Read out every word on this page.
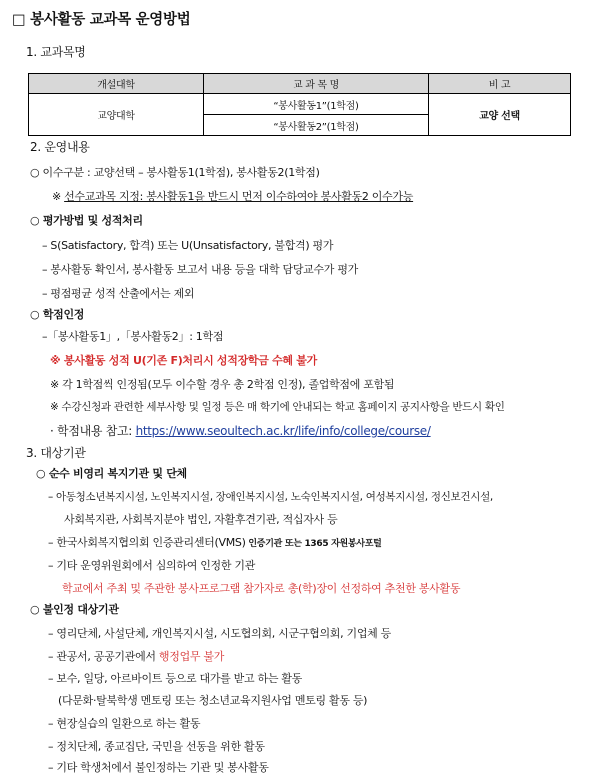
□ 봉사활동 교과목 운영방법
1. 교과목명
개설대학	교 과 목 명	비 고
교양대학	“봉사활동1”(1학점)	교양 선택
	“봉사활동2”(1학점)	
2. 운영내용
○ 이수구분 : 교양선택 – 봉사활동1(1학점), 봉사활동2(1학점)
※ 선수교과목 지정: 봉사활동1을 반드시 먼저 이수하여야 봉사활동2 이수가능
○ 평가방법 및 성적처리
– S(Satisfactory, 합격) 또는 U(Unsatisfactory, 불합격) 평가
– 봉사활동 확인서, 봉사활동 보고서 내용 등을 대학 담당교수가 평가
– 평점평균 성적 산출에서는 제외
○ 학점인정
–「봉사활동1」,「봉사활동2」: 1학점
※ 봉사활동 성적 U(기존 F)처리시 성적장학금 수혜 불가
※ 각 1학점씩 인정됨(모두 이수할 경우 총 2학점 인정), 졸업학점에 포함됨
※ 수강신청과 관련한 세부사항 및 일정 등은 매 학기에 안내되는 학교 홈페이지 공지사항을 반드시 확인
· 학점내용 참고: https://www.seoultech.ac.kr/life/info/college/course/
3. 대상기관
○ 순수 비영리 복지기관 및 단체
– 아동청소년복지시설, 노인복지시설, 장애인복지시설, 노숙인복지시설, 여성복지시설, 정신보건시설,
사회복지관, 사회복지분야 법인, 자활후견기관, 적십자사 등
– 한국사회복지협의회 인증관리센터(VMS) 인증기관 또는 1365 자원봉사포털
– 기타 운영위원회에서 심의하여 인정한 기관
학교에서 주최 및 주관한 봉사프로그램 참가자로 총(학)장이 선정하여 추천한 봉사활동
○ 불인정 대상기관
– 영리단체, 사설단체, 개인복지시설, 시도협의회, 시군구협의회, 기업체 등
– 관공서, 공공기관에서 행정업무 불가
– 보수, 일당, 아르바이트 등으로 대가를 받고 하는 활동
(다문화·탈북학생 멘토링 또는 청소년교육지원사업 멘토링 활동 등)
– 현장실습의 일환으로 하는 활동
– 정치단체, 종교집단, 국민을 선동을 위한 활동
– 기타 학생처에서 불인정하는 기관 및 봉사활동
